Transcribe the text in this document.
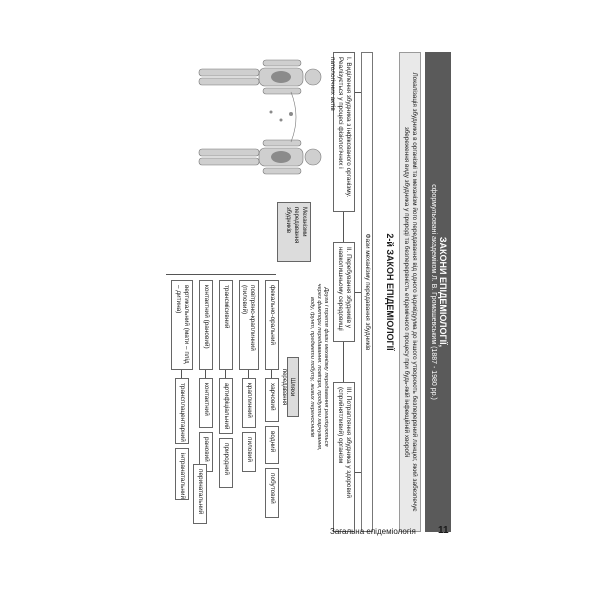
ЗАКОНИ ЕПІДЕМІОЛОГІЇ,
сформульовані академіком Л. В. Громашевським (1887 - 1980 рр.)
Локалізація збудника в організмі та механізм його передавання від одного індивідуума до іншого утворюють безперервний ланцюг, який забезпечує збереження виду збудника у природі та безперервність епідемічного процесу при будь-якій інфекційній хворобі
2-й ЗАКОН ЕПІДЕМІОЛОГІЇ
Фази механізму передавання збудників
І. Виділення збудника з інфікованого організму. Реалізується у процесі фізіологічних і патологічних актів
ІІ. Перебування збудників у навколишньому середовищі
ІІІ. Потрапляння збудника у здоровий (сприйнятливий) організм
Друга і третя фази механізму передавання реалізуються через фактори передавання: повітря, продукти харчування, воду, ґрунт, предмети побуту, живих переносників
Механізми передавання збудників
Шляхи передавання
фекально-оральний
повітряно-краплинний (пиловий)
трансмісивний
контактний (рановий)
вертикальний (мати – плід – дитина)
харчовий
водний
побутовий
краплинний
пиловий
артифіціальний
природний
контактний
рановий
трансплацентарний
інтранатальний	перинатальний
Загальна епідеміологія 11
